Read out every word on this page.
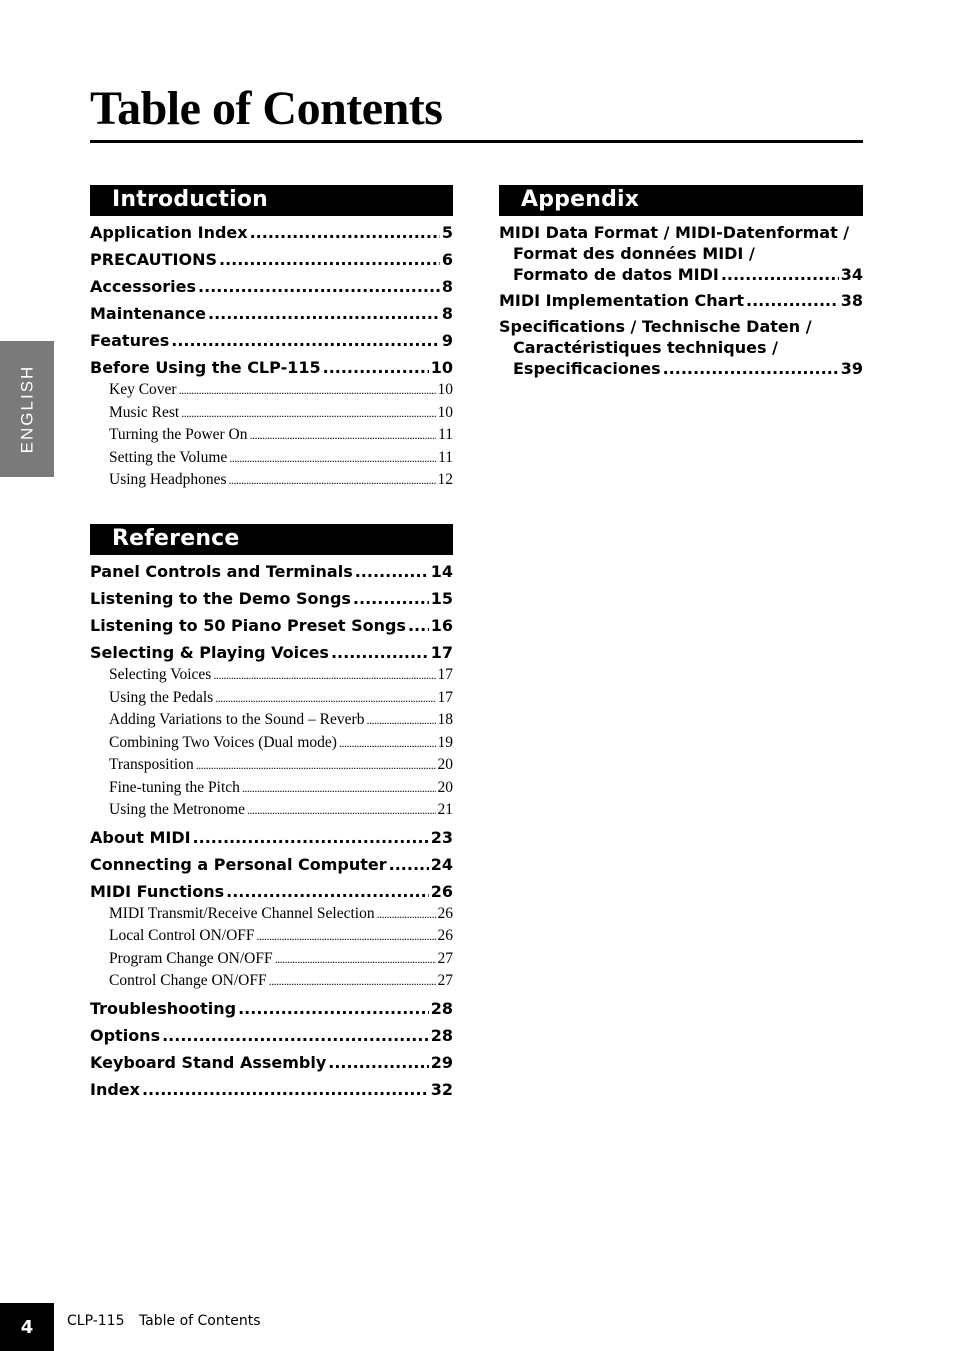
Table of Contents
ENGLISH
Introduction
Application Index .....	5
PRECAUTIONS .....	6
Accessories .....	8
Maintenance .....	8
Features .....	9
Before Using the CLP-115 .....	10
Key Cover .....	10
Music Rest .....	10
Turning the Power On .....	11
Setting the Volume .....	11
Using Headphones .....	12
Reference
Panel Controls and Terminals .....	14
Listening to the Demo Songs .....	15
Listening to 50 Piano Preset Songs ..... 16
Selecting & Playing Voices .....	17
Selecting Voices .....	17
Using the Pedals .....	17
Adding Variations to the Sound – Reverb .....	18
Combining Two Voices (Dual mode) .....	19
Transposition .....	20
Fine-tuning the Pitch .....	20
Using the Metronome .....	21
About MIDI .....	23
Connecting a Personal Computer .....	24
MIDI Functions .....	26
MIDI Transmit/Receive Channel Selection .....	26
Local Control ON/OFF .....	26
Program Change ON/OFF .....	27
Control Change ON/OFF .....	27
Troubleshooting .....	28
Options .....	28
Keyboard Stand Assembly .....	29
Index .....	32
Appendix
MIDI Data Format / MIDI-Datenformat /
Format des données MIDI /
Formato de datos MIDI .....	34
MIDI Implementation Chart .....	38
Specifications / Technische Daten /
Caractéristiques techniques /
Especificaciones .....	39
4	CLP-115 Table of Contents
